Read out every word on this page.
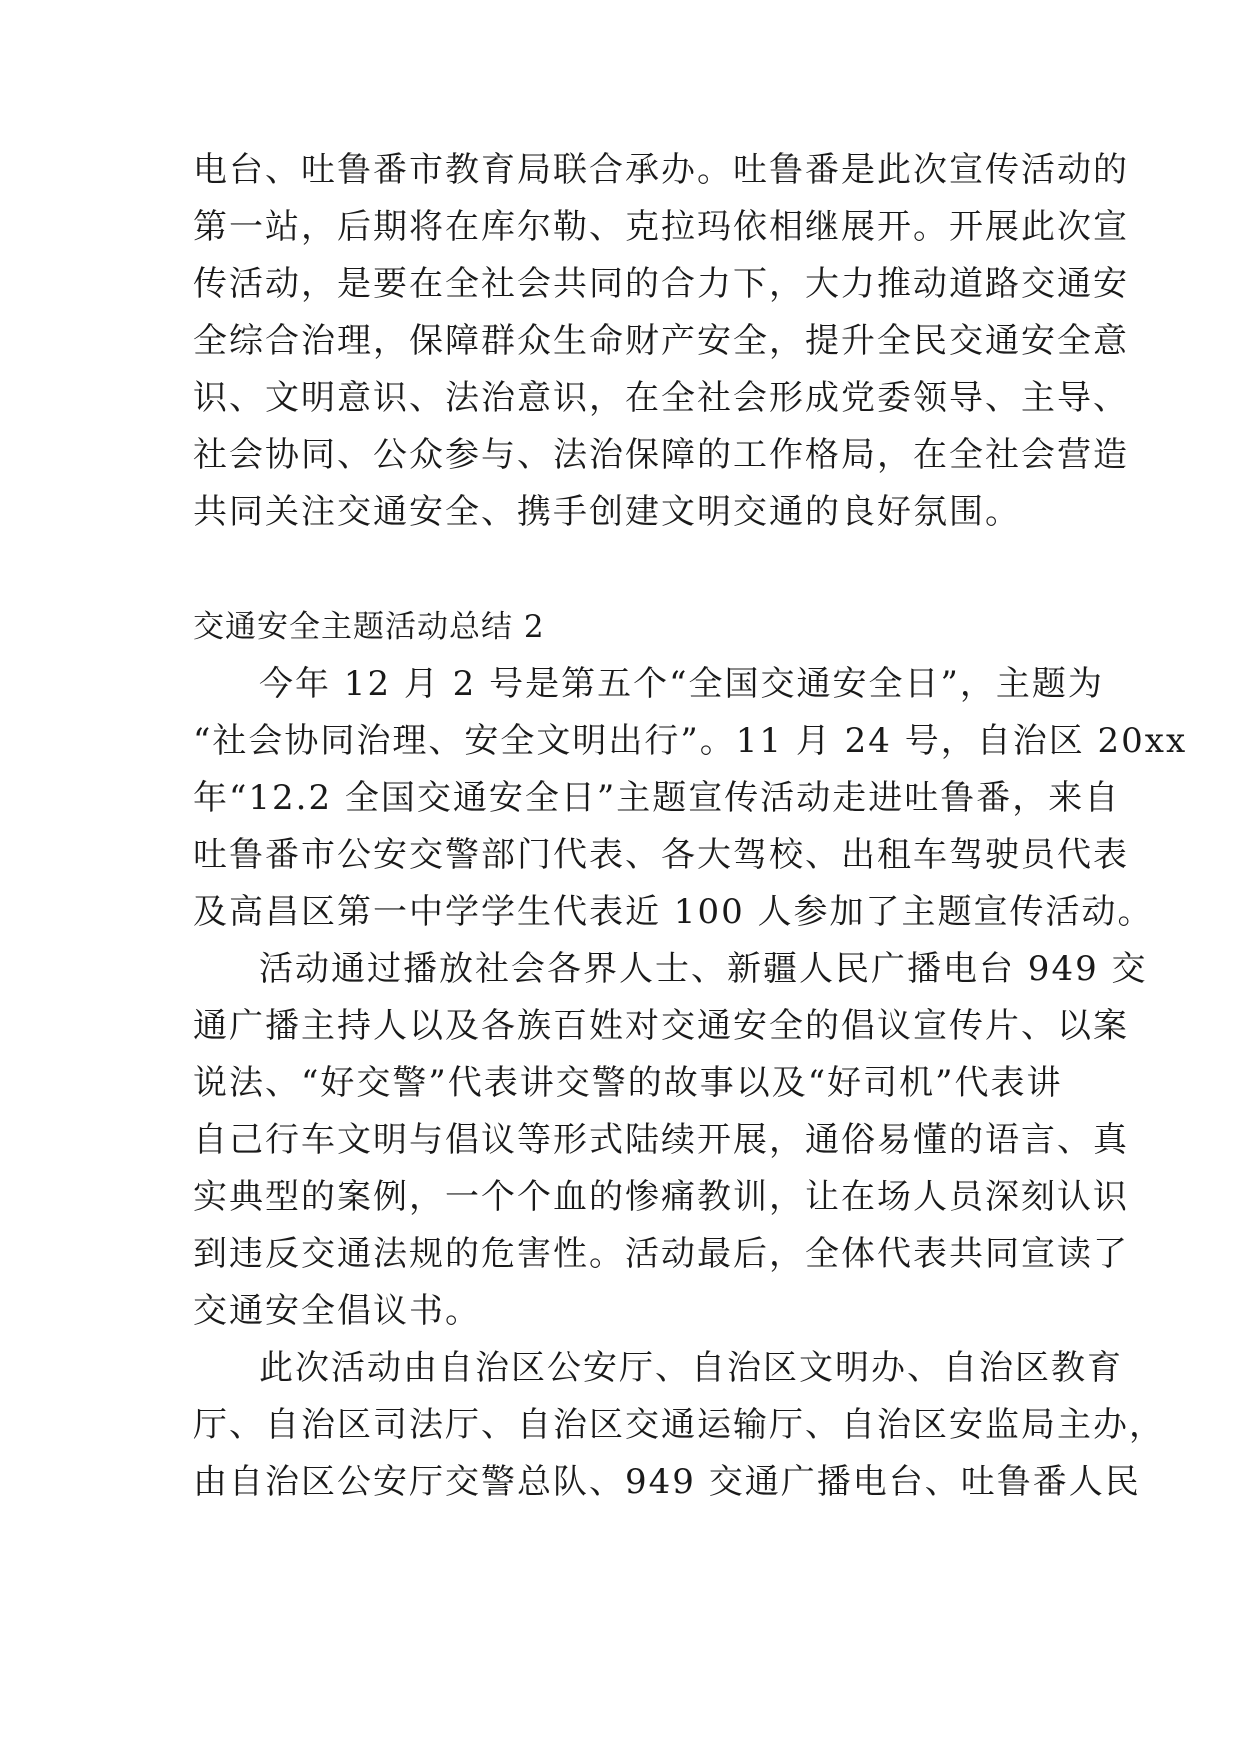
电台、吐鲁番市教育局联合承办。吐鲁番是此次宣传活动的
第一站，后期将在库尔勒、克拉玛依相继展开。开展此次宣
传活动，是要在全社会共同的合力下，大力推动道路交通安
全综合治理，保障群众生命财产安全，提升全民交通安全意
识、文明意识、法治意识，在全社会形成党委领导、主导、
社会协同、公众参与、法治保障的工作格局，在全社会营造
共同关注交通安全、携手创建文明交通的良好氛围。
交通安全主题活动总结 2
今年 12 月 2 号是第五个“全国交通安全日”，主题为
“社会协同治理、安全文明出行”。11 月 24 号，自治区 20xx
年“12.2 全国交通安全日”主题宣传活动走进吐鲁番，来自
吐鲁番市公安交警部门代表、各大驾校、出租车驾驶员代表
及高昌区第一中学学生代表近 100 人参加了主题宣传活动。
活动通过播放社会各界人士、新疆人民广播电台 949 交
通广播主持人以及各族百姓对交通安全的倡议宣传片、以案
说法、“好交警”代表讲交警的故事以及“好司机”代表讲
自己行车文明与倡议等形式陆续开展，通俗易懂的语言、真
实典型的案例，一个个血的惨痛教训，让在场人员深刻认识
到违反交通法规的危害性。活动最后，全体代表共同宣读了
交通安全倡议书。
此次活动由自治区公安厅、自治区文明办、自治区教育
厅、自治区司法厅、自治区交通运输厅、自治区安监局主办，
由自治区公安厅交警总队、949 交通广播电台、吐鲁番人民
